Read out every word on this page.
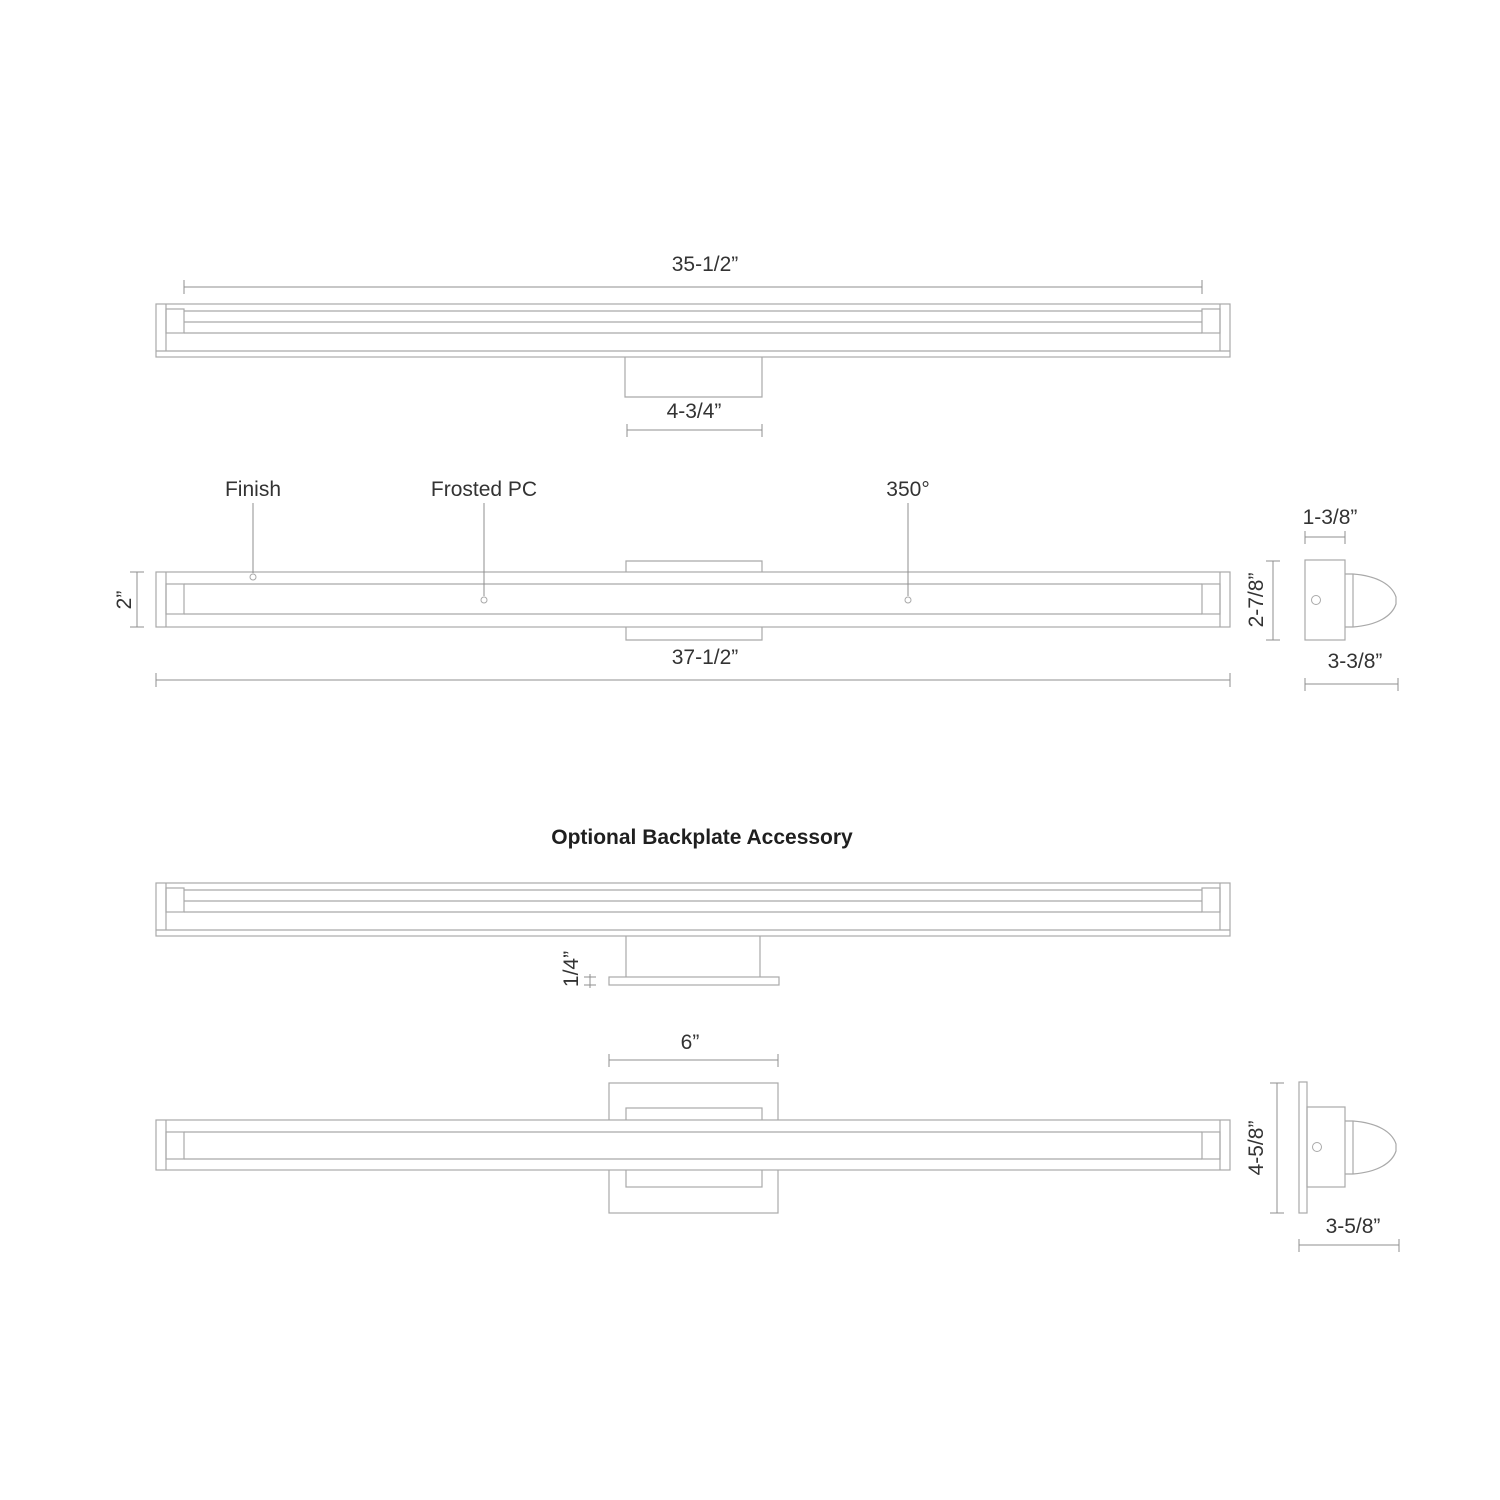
35-1/2”
4-3/4”
Finish	Frosted PC	350°
2”
37-1/2”
2-7/8”
1-3/8”
3-3/8”
Optional Backplate Accessory
1/4”
6”
4-5/8”
3-5/8”
